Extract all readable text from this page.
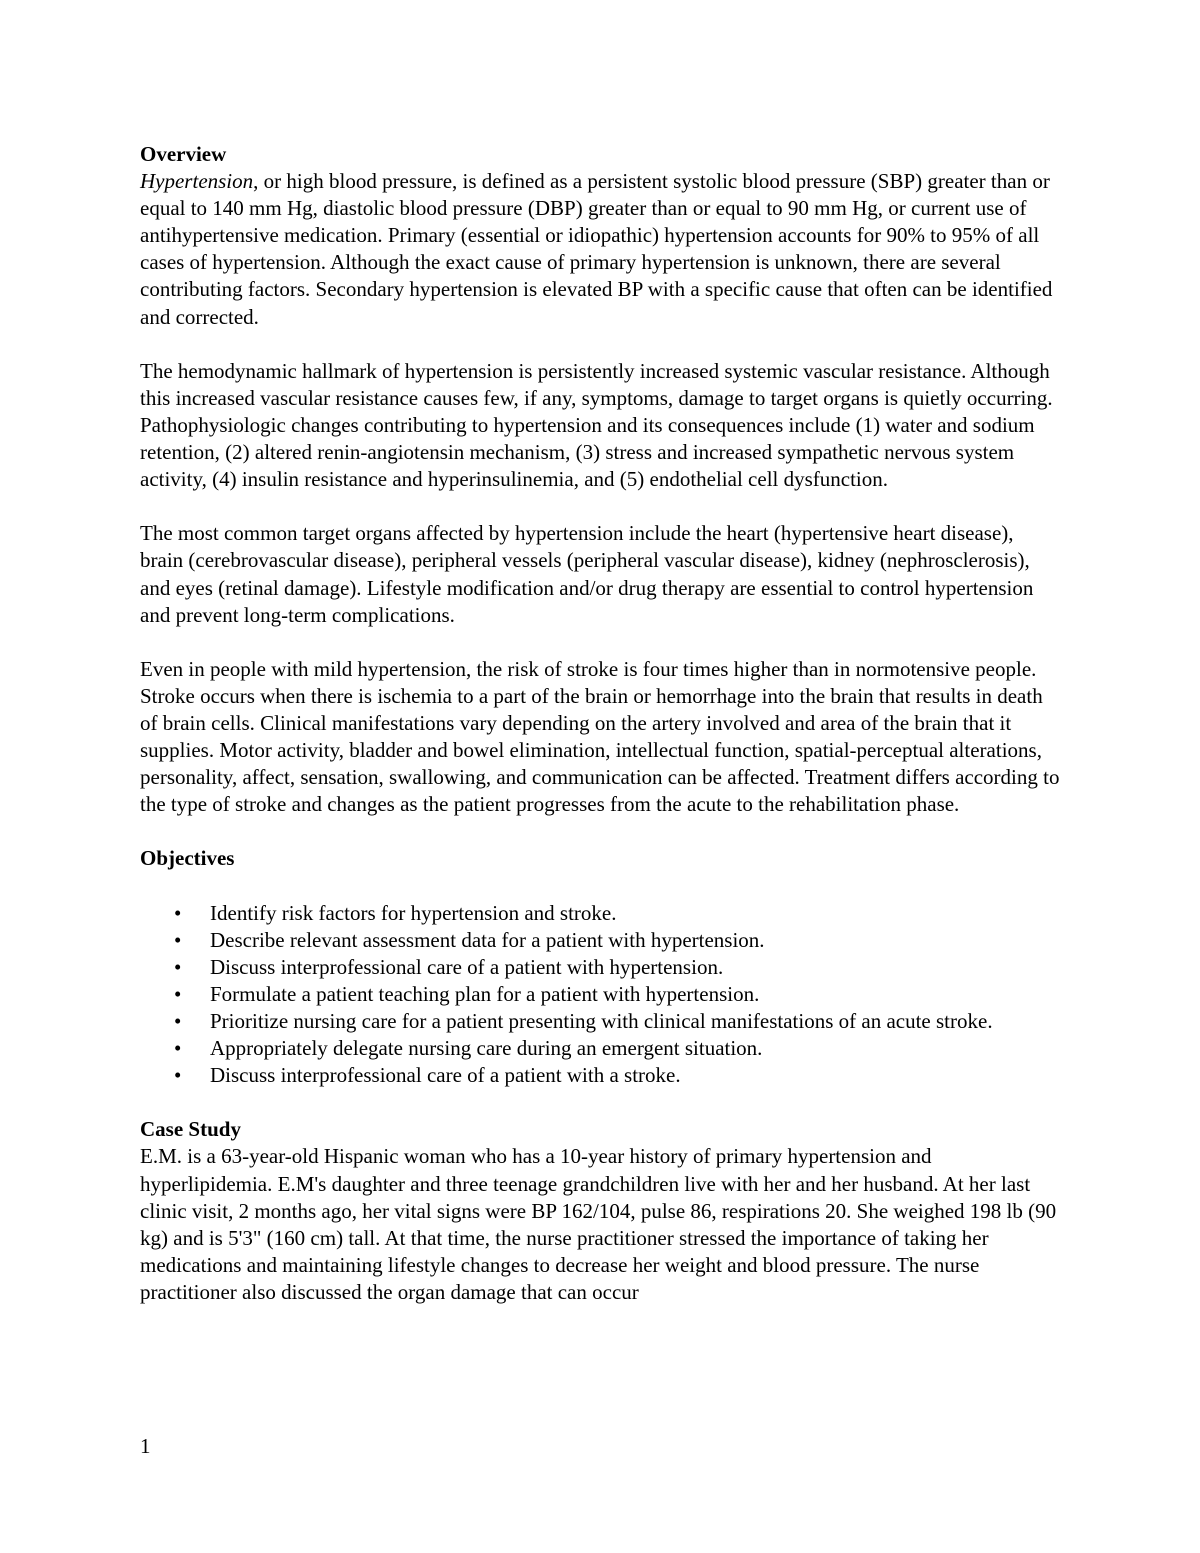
Overview

Hypertension, or high blood pressure, is defined as a persistent systolic blood pressure (SBP) greater than or equal to 140 mm Hg, diastolic blood pressure (DBP) greater than or equal to 90 mm Hg, or current use of antihypertensive medication. Primary (essential or idiopathic) hypertension accounts for 90% to 95% of all cases of hypertension. Although the exact cause of primary hypertension is unknown, there are several contributing factors. Secondary hypertension is elevated BP with a specific cause that often can be identified and corrected.

The hemodynamic hallmark of hypertension is persistently increased systemic vascular resistance. Although this increased vascular resistance causes few, if any, symptoms, damage to target organs is quietly occurring. Pathophysiologic changes contributing to hypertension and its consequences include (1) water and sodium retention, (2) altered renin-angiotensin mechanism, (3) stress and increased sympathetic nervous system activity, (4) insulin resistance and hyperinsulinemia, and (5) endothelial cell dysfunction.

The most common target organs affected by hypertension include the heart (hypertensive heart disease), brain (cerebrovascular disease), peripheral vessels (peripheral vascular disease), kidney (nephrosclerosis), and eyes (retinal damage). Lifestyle modification and/or drug therapy are essential to control hypertension and prevent long-term complications.

Even in people with mild hypertension, the risk of stroke is four times higher than in normotensive people. Stroke occurs when there is ischemia to a part of the brain or hemorrhage into the brain that results in death of brain cells. Clinical manifestations vary depending on the artery involved and area of the brain that it supplies. Motor activity, bladder and bowel elimination, intellectual function, spatial-perceptual alterations, personality, affect, sensation, swallowing, and communication can be affected. Treatment differs according to the type of stroke and changes as the patient progresses from the acute to the rehabilitation phase.

Objectives
• Identify risk factors for hypertension and stroke.
• Describe relevant assessment data for a patient with hypertension.
• Discuss interprofessional care of a patient with hypertension.
• Formulate a patient teaching plan for a patient with hypertension.
• Prioritize nursing care for a patient presenting with clinical manifestations of an acute stroke.
• Appropriately delegate nursing care during an emergent situation.
• Discuss interprofessional care of a patient with a stroke.
Case Study

E.M. is a 63-year-old Hispanic woman who has a 10-year history of primary hypertension and hyperlipidemia. E.M's daughter and three teenage grandchildren live with her and her husband. At her last clinic visit, 2 months ago, her vital signs were BP 162/104, pulse 86, respirations 20. She weighed 198 lb (90 kg) and is 5'3" (160 cm) tall. At that time, the nurse practitioner stressed the importance of taking her medications and maintaining lifestyle changes to decrease her weight and blood pressure. The nurse practitioner also discussed the organ damage that can occur

1
